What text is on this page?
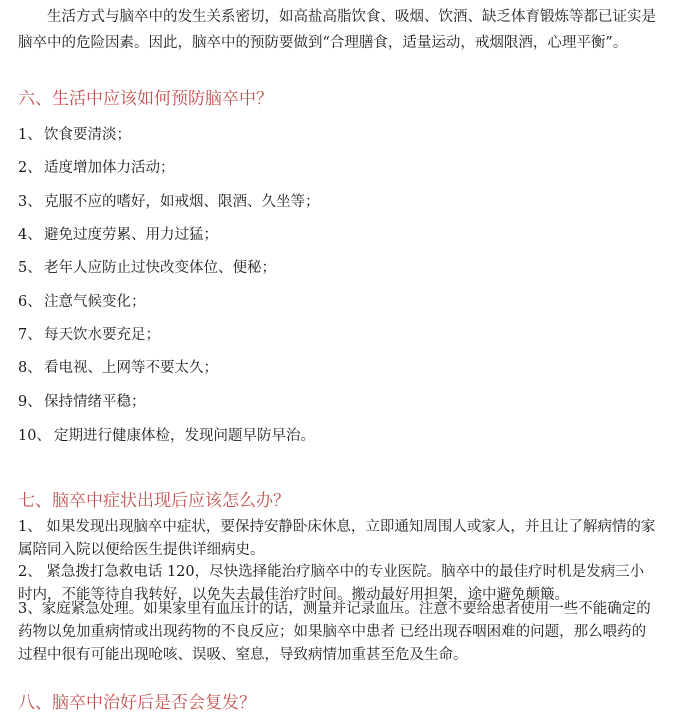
生活方式与脑卒中的发生关系密切，如高盐高脂饮食、吸烟、饮酒、缺乏体育锻炼等都已证实是脑卒中的危险因素。因此，脑卒中的预防要做到“合理膳食，适量运动，戒烟限酒，心理平衡”。

六、生活中应该如何预防脑卒中？

1、 饮食要清淡；

2、 适度增加体力活动；

3、 克服不应的嗜好，如戒烟、限酒、久坐等；

4、 避免过度劳累、用力过猛；

5、 老年人应防止过快改变体位、便秘；

6、 注意气候变化；

7、 每天饮水要充足；

8、 看电视、上网等不要太久；

9、 保持情绪平稳；

10、 定期进行健康体检，发现问题早防早治。

七、脑卒中症状出现后应该怎么办？

1、 如果发现出现脑卒中症状，要保持安静卧床休息，立即通知周围人或家人，并且让了解病情的家属陪同入院以便给医生提供详细病史。

2、 紧急拨打急救电话 120，尽快选择能治疗脑卒中的专业医院。脑卒中的最佳疗时机是发病三小时内，不能等待自我转好，以免失去最佳治疗时间。搬动最好用担架，途中避免颠簸。

3、家庭紧急处理。如果家里有血压计的话，测量并记录血压。注意不要给患者使用一些不能确定的药物以免加重病情或出现药物的不良反应；如果脑卒中患者 已经出现吞咽困难的问题，那么喂药的过程中很有可能出现呛咳、误吸、窒息，导致病情加重甚至危及生命。

八、脑卒中治好后是否会复发？
